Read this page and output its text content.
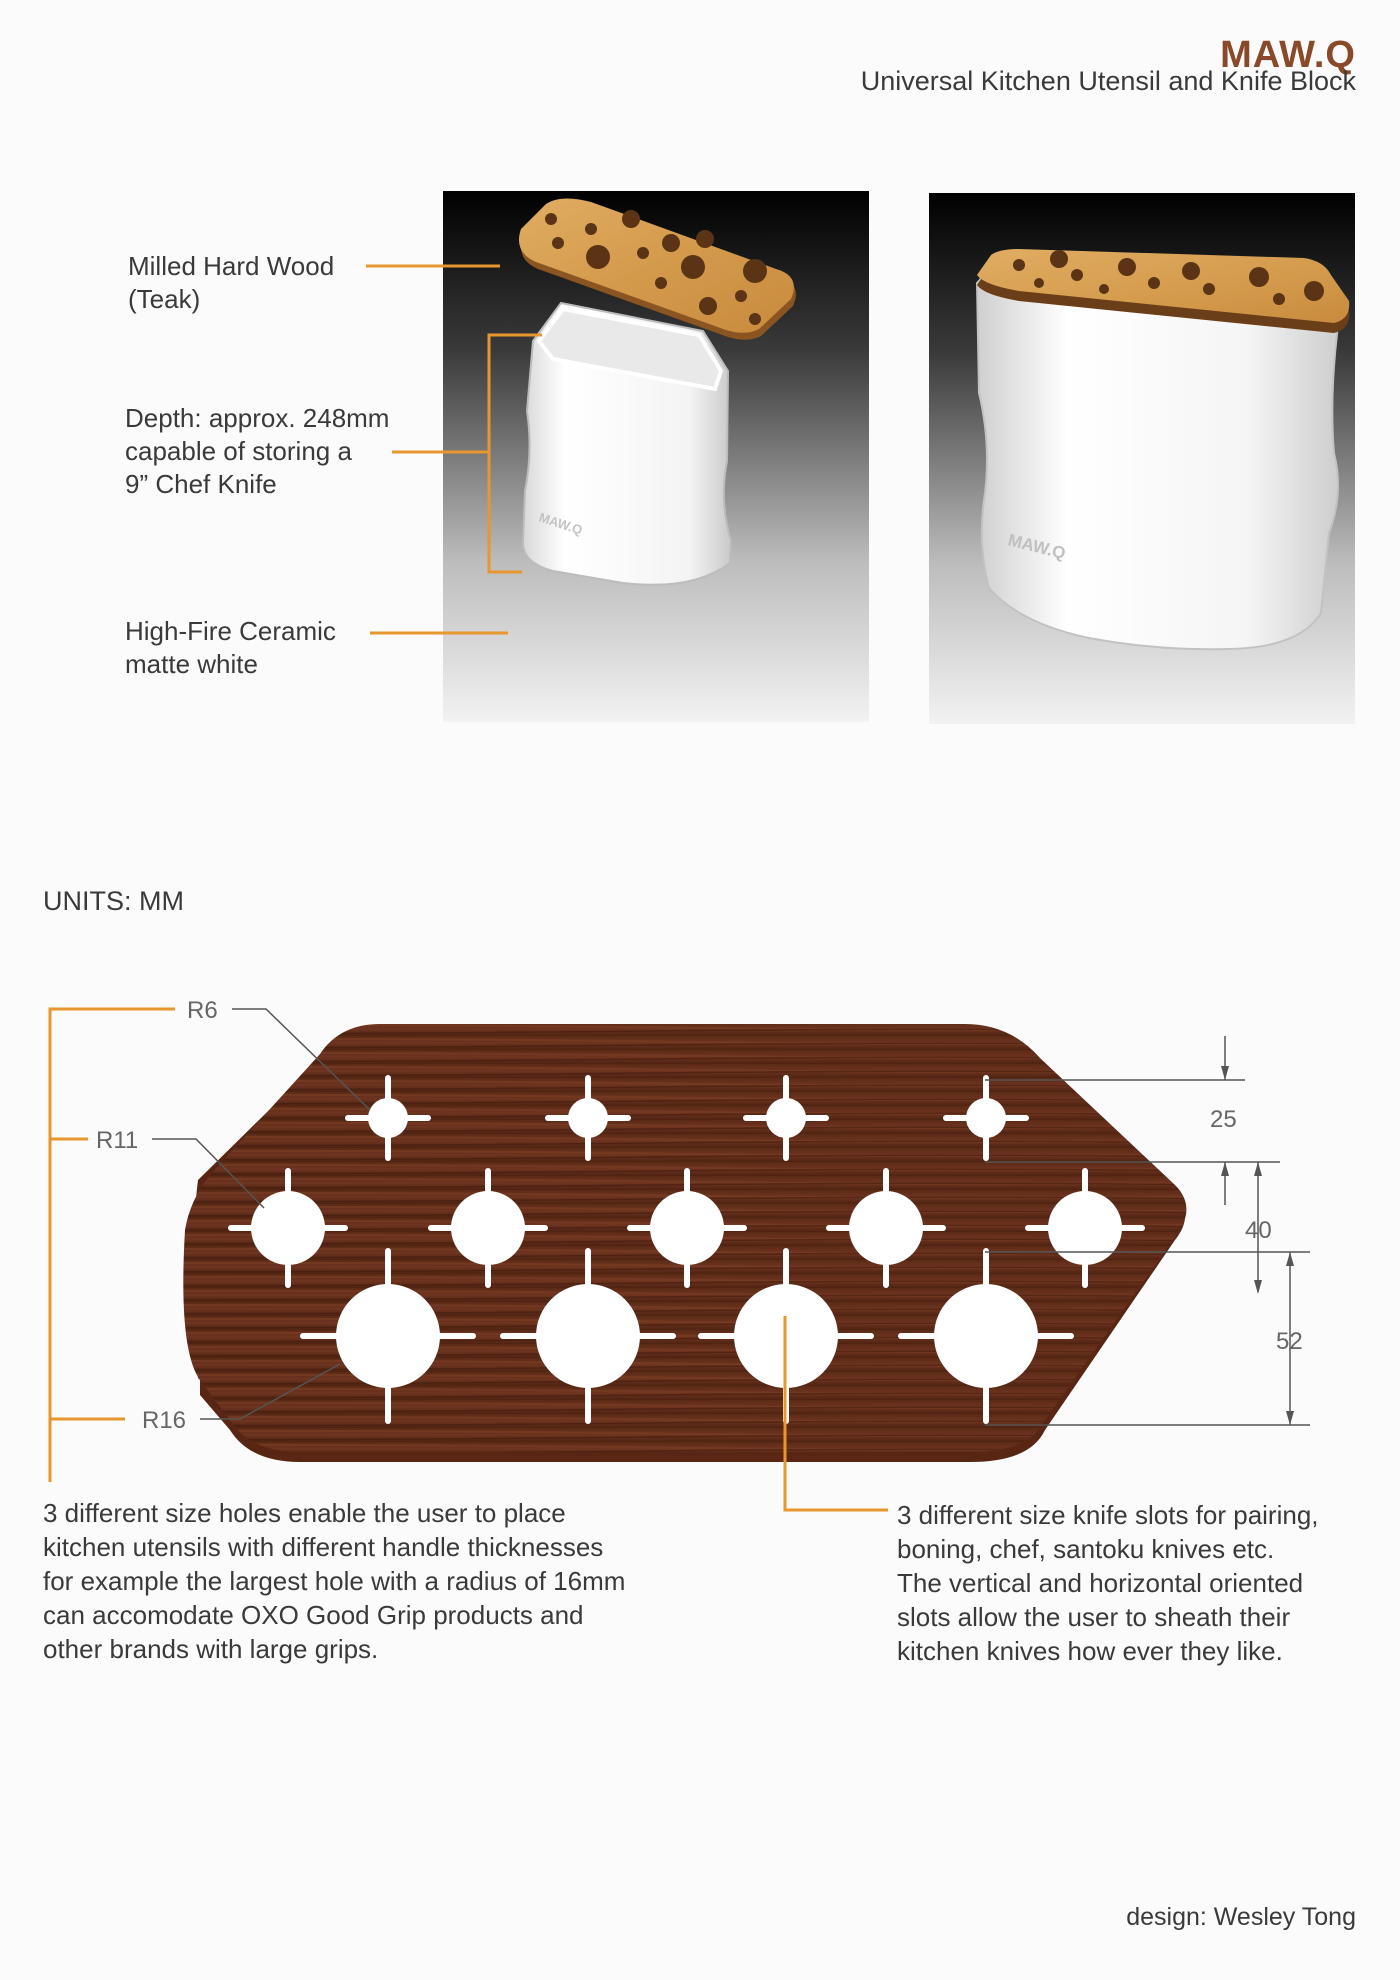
MAW.Q
Universal Kitchen Utensil and Knife Block
MAW.Q
MAW.Q
Milled Hard Wood
(Teak)
Depth: approx. 248mm
capable of storing a
9” Chef Knife
High-Fire Ceramic
matte white
UNITS: MM
R6
R11
R16
25
40
52
3 different size holes enable the user to place
kitchen utensils with different handle thicknesses
for example the largest hole with a radius of 16mm
can accomodate OXO Good Grip products and
other brands with large grips.
3 different size knife slots for pairing,
boning, chef, santoku knives etc.
The vertical and horizontal oriented
slots allow the user to sheath their
kitchen knives how ever they like.
design: Wesley Tong
